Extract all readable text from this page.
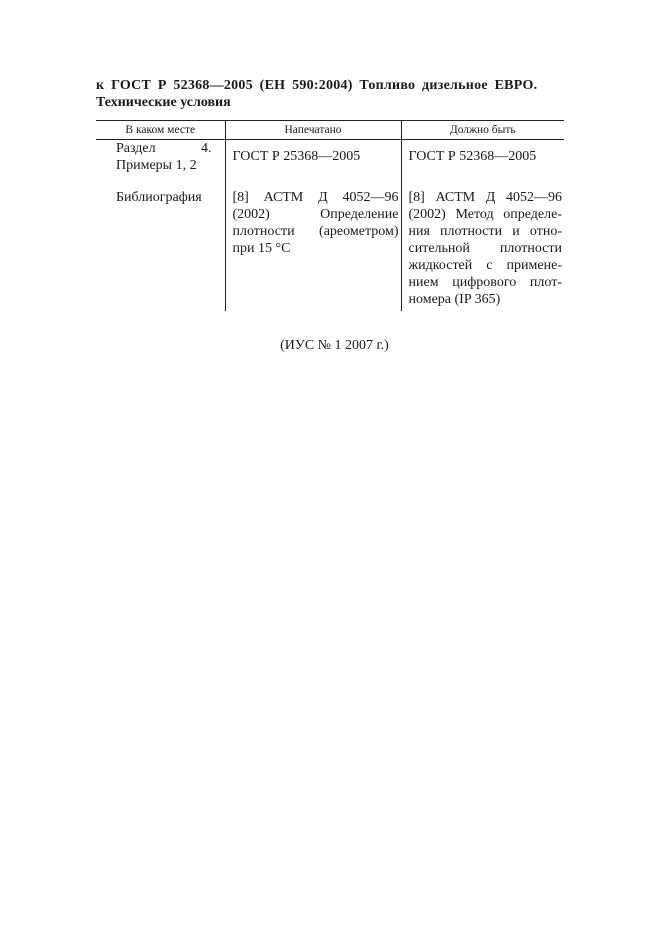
к ГОСТ Р 52368—2005 (ЕН 590:2004) Топливо дизельное ЕВРО.
Технические условия
В каком месте	Напечатано	Должно быть

Раздел 4. Примеры 1, 2	ГОСТ Р 25368—2005	ГОСТ Р 52368—2005

Библиография	[8] АСТМ Д 4052—96 (2002) Определение плотности (ареометром) при 15 °С	[8] АСТМ Д 4052—96 (2002) Метод определения плотности и относительной плотности жидкостей с применением цифрового плотномера (IP 365)
(ИУС № 1 2007 г.)
